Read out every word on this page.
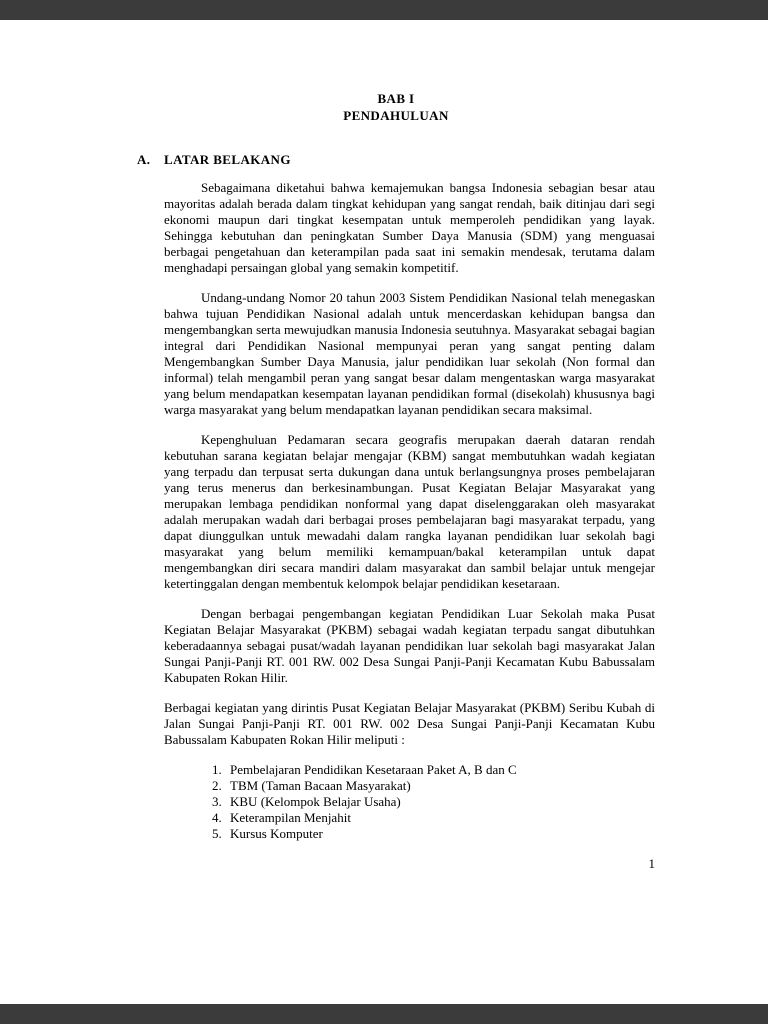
BAB I
PENDAHULUAN
A.	LATAR BELAKANG

Sebagaimana diketahui bahwa kemajemukan bangsa Indonesia sebagian besar atau mayoritas adalah berada dalam tingkat kehidupan yang sangat rendah, baik ditinjau dari segi ekonomi maupun dari tingkat kesempatan untuk memperoleh pendidikan yang layak. Sehingga kebutuhan dan peningkatan Sumber Daya Manusia (SDM) yang menguasai berbagai pengetahuan dan keterampilan pada saat ini semakin mendesak, terutama dalam menghadapi persaingan global yang semakin kompetitif.

Undang-undang Nomor 20 tahun 2003 Sistem Pendidikan Nasional telah menegaskan bahwa tujuan Pendidikan Nasional adalah untuk mencerdaskan kehidupan bangsa dan mengembangkan serta mewujudkan manusia Indonesia seutuhnya. Masyarakat sebagai bagian integral dari Pendidikan Nasional mempunyai peran yang sangat penting dalam Mengembangkan Sumber Daya Manusia, jalur pendidikan luar sekolah (Non formal dan informal) telah mengambil peran yang sangat besar dalam mengentaskan warga masyarakat yang belum mendapatkan kesempatan layanan pendidikan formal (disekolah) khususnya bagi warga masyarakat yang belum mendapatkan layanan pendidikan secara maksimal.

Kepenghuluan Pedamaran secara geografis merupakan daerah dataran rendah kebutuhan sarana kegiatan belajar mengajar (KBM) sangat membutuhkan wadah kegiatan yang terpadu dan terpusat serta dukungan dana untuk berlangsungnya proses pembelajaran yang terus menerus dan berkesinambungan. Pusat Kegiatan Belajar Masyarakat yang merupakan lembaga pendidikan nonformal yang dapat diselenggarakan oleh masyarakat adalah merupakan wadah dari berbagai proses pembelajaran bagi masyarakat terpadu, yang dapat diunggulkan untuk mewadahi dalam rangka layanan pendidikan luar sekolah bagi masyarakat yang belum memiliki kemampuan/bakal keterampilan untuk dapat mengembangkan diri secara mandiri dalam masyarakat dan sambil belajar untuk mengejar ketertinggalan dengan membentuk kelompok belajar pendidikan kesetaraan.

Dengan berbagai pengembangan kegiatan Pendidikan Luar Sekolah maka Pusat Kegiatan Belajar Masyarakat (PKBM) sebagai wadah kegiatan terpadu sangat dibutuhkan keberadaannya sebagai pusat/wadah layanan pendidikan luar sekolah bagi masyarakat Jalan Sungai Panji-Panji RT. 001 RW. 002 Desa Sungai Panji-Panji Kecamatan Kubu Babussalam Kabupaten Rokan Hilir.

Berbagai kegiatan yang dirintis Pusat Kegiatan Belajar Masyarakat (PKBM) Seribu Kubah di Jalan Sungai Panji-Panji RT. 001 RW. 002 Desa Sungai Panji-Panji Kecamatan Kubu Babussalam Kabupaten Rokan Hilir meliputi :

1. Pembelajaran Pendidikan Kesetaraan Paket A, B dan C
2. TBM (Taman Bacaan Masyarakat)
3. KBU (Kelompok Belajar Usaha)
4. Keterampilan Menjahit
5. Kursus Komputer
1
